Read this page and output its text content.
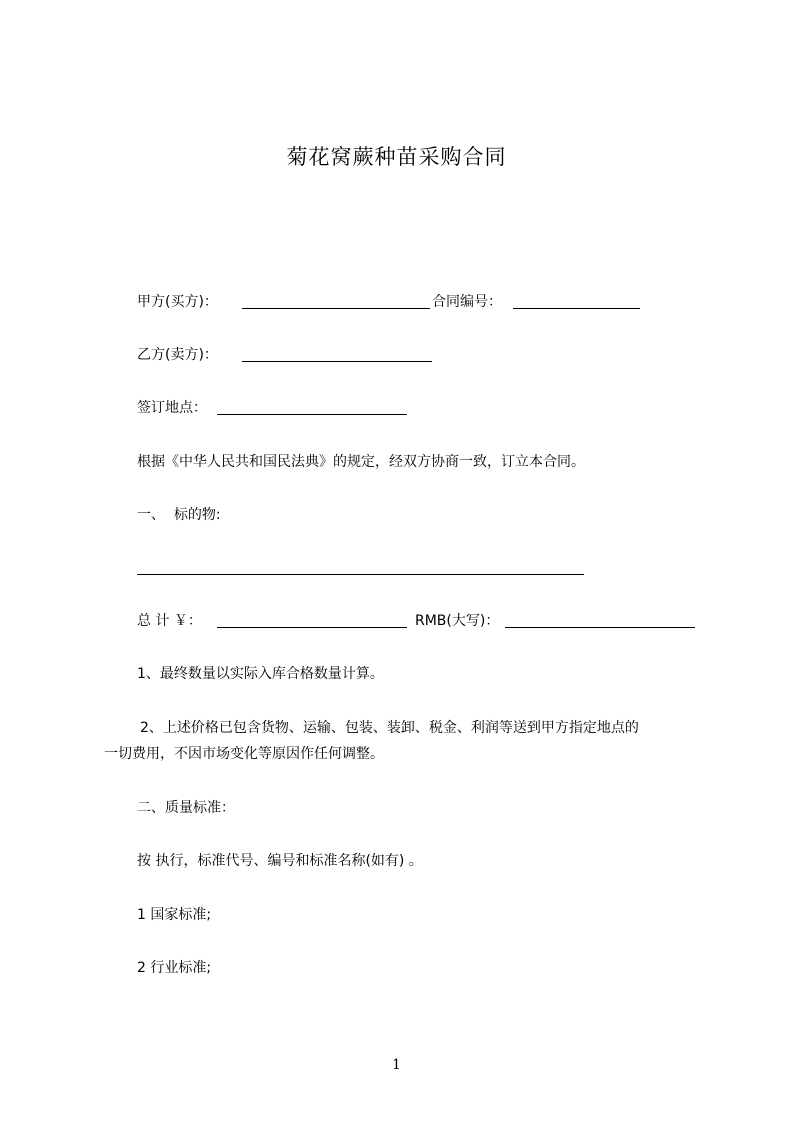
菊花窝蕨种苗采购合同
甲方(买方)：	合同编号：
乙方(卖方)：
签订地点：
根据《中华人民共和国民法典》的规定，经双方协商一致，订立本合同。
一、  标的物:
总 计 ￥：	RMB(大写)：
1、最终数量以实际入库合格数量计算。
2、上述价格已包含货物、运输、包装、装卸、税金、利润等送到甲方指定地点的
一切费用，不因市场变化等原因作任何调整。
二、质量标准：
按 执行，标准代号、编号和标准名称(如有) 。
1 国家标准;
2 行业标准;
1
